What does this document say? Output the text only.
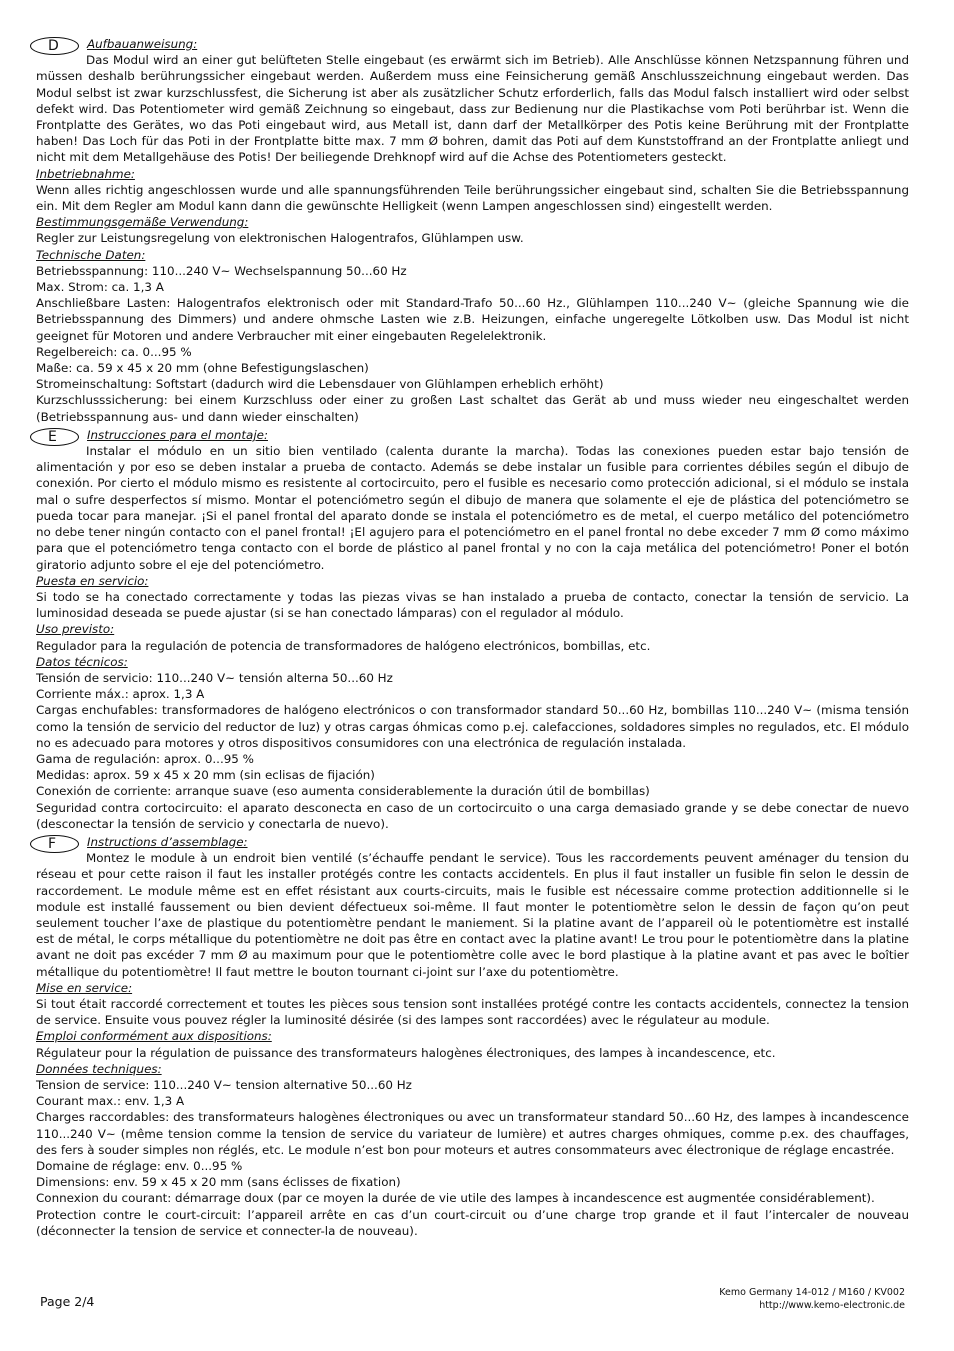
D	Aufbauanweisung:

Das Modul wird an einer gut belüfteten Stelle eingebaut (es erwärmt sich im Betrieb). Alle Anschlüsse können Netzspannung führen und müssen deshalb berührungssicher eingebaut werden. Außerdem muss eine Feinsicherung gemäß Anschlusszeichnung eingebaut werden. Das Modul selbst ist zwar kurzschlussfest, die Sicherung ist aber als zusätzlicher Schutz erforderlich, falls das Modul falsch installiert wird oder selbst defekt wird. Das Potentiometer wird gemäß Zeichnung so eingebaut, dass zur Bedienung nur die Plastikachse vom Poti berührbar ist. Wenn die Frontplatte des Gerätes, wo das Poti eingebaut wird, aus Metall ist, dann darf der Metallkörper des Potis keine Berührung mit der Frontplatte haben! Das Loch für das Poti in der Frontplatte bitte max. 7 mm Ø bohren, damit das Poti auf dem Kunststoffrand an der Frontplatte anliegt und nicht mit dem Metallgehäuse des Potis! Der beiliegende Drehknopf wird auf die Achse des Potentiometers gesteckt.

Inbetriebnahme:

Wenn alles richtig angeschlossen wurde und alle spannungsführenden Teile berührungssicher eingebaut sind, schalten Sie die Betriebsspannung ein. Mit dem Regler am Modul kann dann die gewünschte Helligkeit (wenn Lampen angeschlossen sind) eingestellt werden.

Bestimmungsgemäße Verwendung:

Regler zur Leistungsregelung von elektronischen Halogentrafos, Glühlampen usw.

Technische Daten:

Betriebsspannung: 110...240 V~ Wechselspannung 50...60 Hz

Max. Strom: ca. 1,3 A

Anschließbare Lasten: Halogentrafos elektronisch oder mit Standard-Trafo 50...60 Hz., Glühlampen 110...240 V~ (gleiche Spannung wie die Betriebsspannung des Dimmers) und andere ohmsche Lasten wie z.B. Heizungen, einfache ungeregelte Lötkolben usw. Das Modul ist nicht geeignet für Motoren und andere Verbraucher mit einer eingebauten Regelelektronik.

Regelbereich: ca. 0...95 %

Maße: ca. 59 x 45 x 20 mm (ohne Befestigungslaschen)

Stromeinschaltung: Softstart (dadurch wird die Lebensdauer von Glühlampen erheblich erhöht)

Kurzschlusssicherung: bei einem Kurzschluss oder einer zu großen Last schaltet das Gerät ab und muss wieder neu eingeschaltet werden (Betriebsspannung aus- und dann wieder einschalten)

E	Instrucciones para el montaje:

Instalar el módulo en un sitio bien ventilado (calenta durante la marcha). Todas las conexiones pueden estar bajo tensión de alimentación y por eso se deben instalar a prueba de contacto. Además se debe instalar un fusible para corrientes débiles según el dibujo de conexión. Por cierto el módulo mismo es resistente al cortocircuito, pero el fusible es necesario como protección adicional, si el módulo se instala mal o sufre desperfectos sí mismo. Montar el potenciómetro según el dibujo de manera que solamente el eje de plástica del potenciómetro se pueda tocar para manejar. ¡Si el panel frontal del aparato donde se instala el potenciómetro es de metal, el cuerpo metálico del potenciómetro no debe tener ningún contacto con el panel frontal! ¡El agujero para el potenciómetro en el panel frontal no debe exceder 7 mm Ø como máximo para que el potenciómetro tenga contacto con el borde de plástico al panel frontal y no con la caja metálica del potenciómetro! Poner el botón giratorio adjunto sobre el eje del potenciómetro.

Puesta en servicio:

Si todo se ha conectado correctamente y todas las piezas vivas se han instalado a prueba de contacto, conectar la tensión de servicio. La luminosidad deseada se puede ajustar (si se han conectado lámparas) con el regulador al módulo.

Uso previsto:

Regulador para la regulación de potencia de transformadores de halógeno electrónicos, bombillas, etc.

Datos técnicos:

Tensión de servicio: 110...240 V~ tensión alterna 50...60 Hz

Corriente máx.: aprox. 1,3 A

Cargas enchufables: transformadores de halógeno electrónicos o con transformador standard 50...60 Hz, bombillas 110...240 V~ (misma tensión como la tensión de servicio del reductor de luz) y otras cargas óhmicas como p.ej. calefacciones, soldadores simples no regulados, etc. El módulo no es adecuado para motores y otros dispositivos consumidores con una electrónica de regulación instalada.

Gama de regulación: aprox. 0...95 %

Medidas: aprox. 59 x 45 x 20 mm (sin eclisas de fijación)

Conexión de corriente: arranque suave (eso aumenta considerablemente la duración útil de bombillas)

Seguridad contra cortocircuito: el aparato desconecta en caso de un cortocircuito o una carga demasiado grande y se debe conectar de nuevo (desconectar la tensión de servicio y conectarla de nuevo).

F	Instructions d’assemblage:

Montez le module à un endroit bien ventilé (s’échauffe pendant le service). Tous les raccordements peuvent aménager du tension du réseau et pour cette raison il faut les installer protégés contre les contacts accidentels. En plus il faut installer un fusible fin selon le dessin de raccordement. Le module même est en effet résistant aux courts-circuits, mais le fusible est nécessaire comme protection additionnelle si le module est installé faussement ou bien devient défectueux soi-même. Il faut monter le potentiomètre selon le dessin de façon qu’on peut seulement toucher l’axe de plastique du potentiomètre pendant le maniement. Si la platine avant de l’appareil où le potentiomètre est installé est de métal, le corps métallique du potentiomètre ne doit pas être en contact avec la platine avant! Le trou pour le potentiomètre dans la platine avant ne doit pas excéder 7 mm Ø au maximum pour que le potentiomètre colle avec le bord plastique à la platine avant et pas avec le boîtier métallique du potentiomètre! Il faut mettre le bouton tournant ci-joint sur l’axe du potentiomètre.

Mise en service:

Si tout était raccordé correctement et toutes les pièces sous tension sont installées protégé contre les contacts accidentels, connectez la tension de service. Ensuite vous pouvez régler la luminosité désirée (si des lampes sont raccordées) avec le régulateur au module.

Emploi conformément aux dispositions:

Régulateur pour la régulation de puissance des transformateurs halogènes électroniques, des lampes à incandescence, etc.

Données techniques:

Tension de service: 110...240 V~ tension alternative 50...60 Hz

Courant max.: env. 1,3 A

Charges raccordables: des transformateurs halogènes électroniques ou avec un transformateur standard 50...60 Hz, des lampes à incandescence 110...240 V~ (même tension comme la tension de service du variateur de lumière) et autres charges ohmiques, comme p.ex. des chauffages, des fers à souder simples non réglés, etc. Le module n’est bon pour moteurs et autres consommateurs avec électronique de réglage encastrée.

Domaine de réglage: env. 0...95 %

Dimensions: env. 59 x 45 x 20 mm (sans éclisses de fixation)

Connexion du courant: démarrage doux (par ce moyen la durée de vie utile des lampes à incandescence est augmentée considérablement).

Protection contre le court-circuit: l’appareil arrête en cas d’un court-circuit ou d’une charge trop grande et il faut l’intercaler de nouveau (déconnecter la tension de service et connecter-la de nouveau).

Page 2/4
Kemo Germany 14-012 / M160 / KV002
http://www.kemo-electronic.de
